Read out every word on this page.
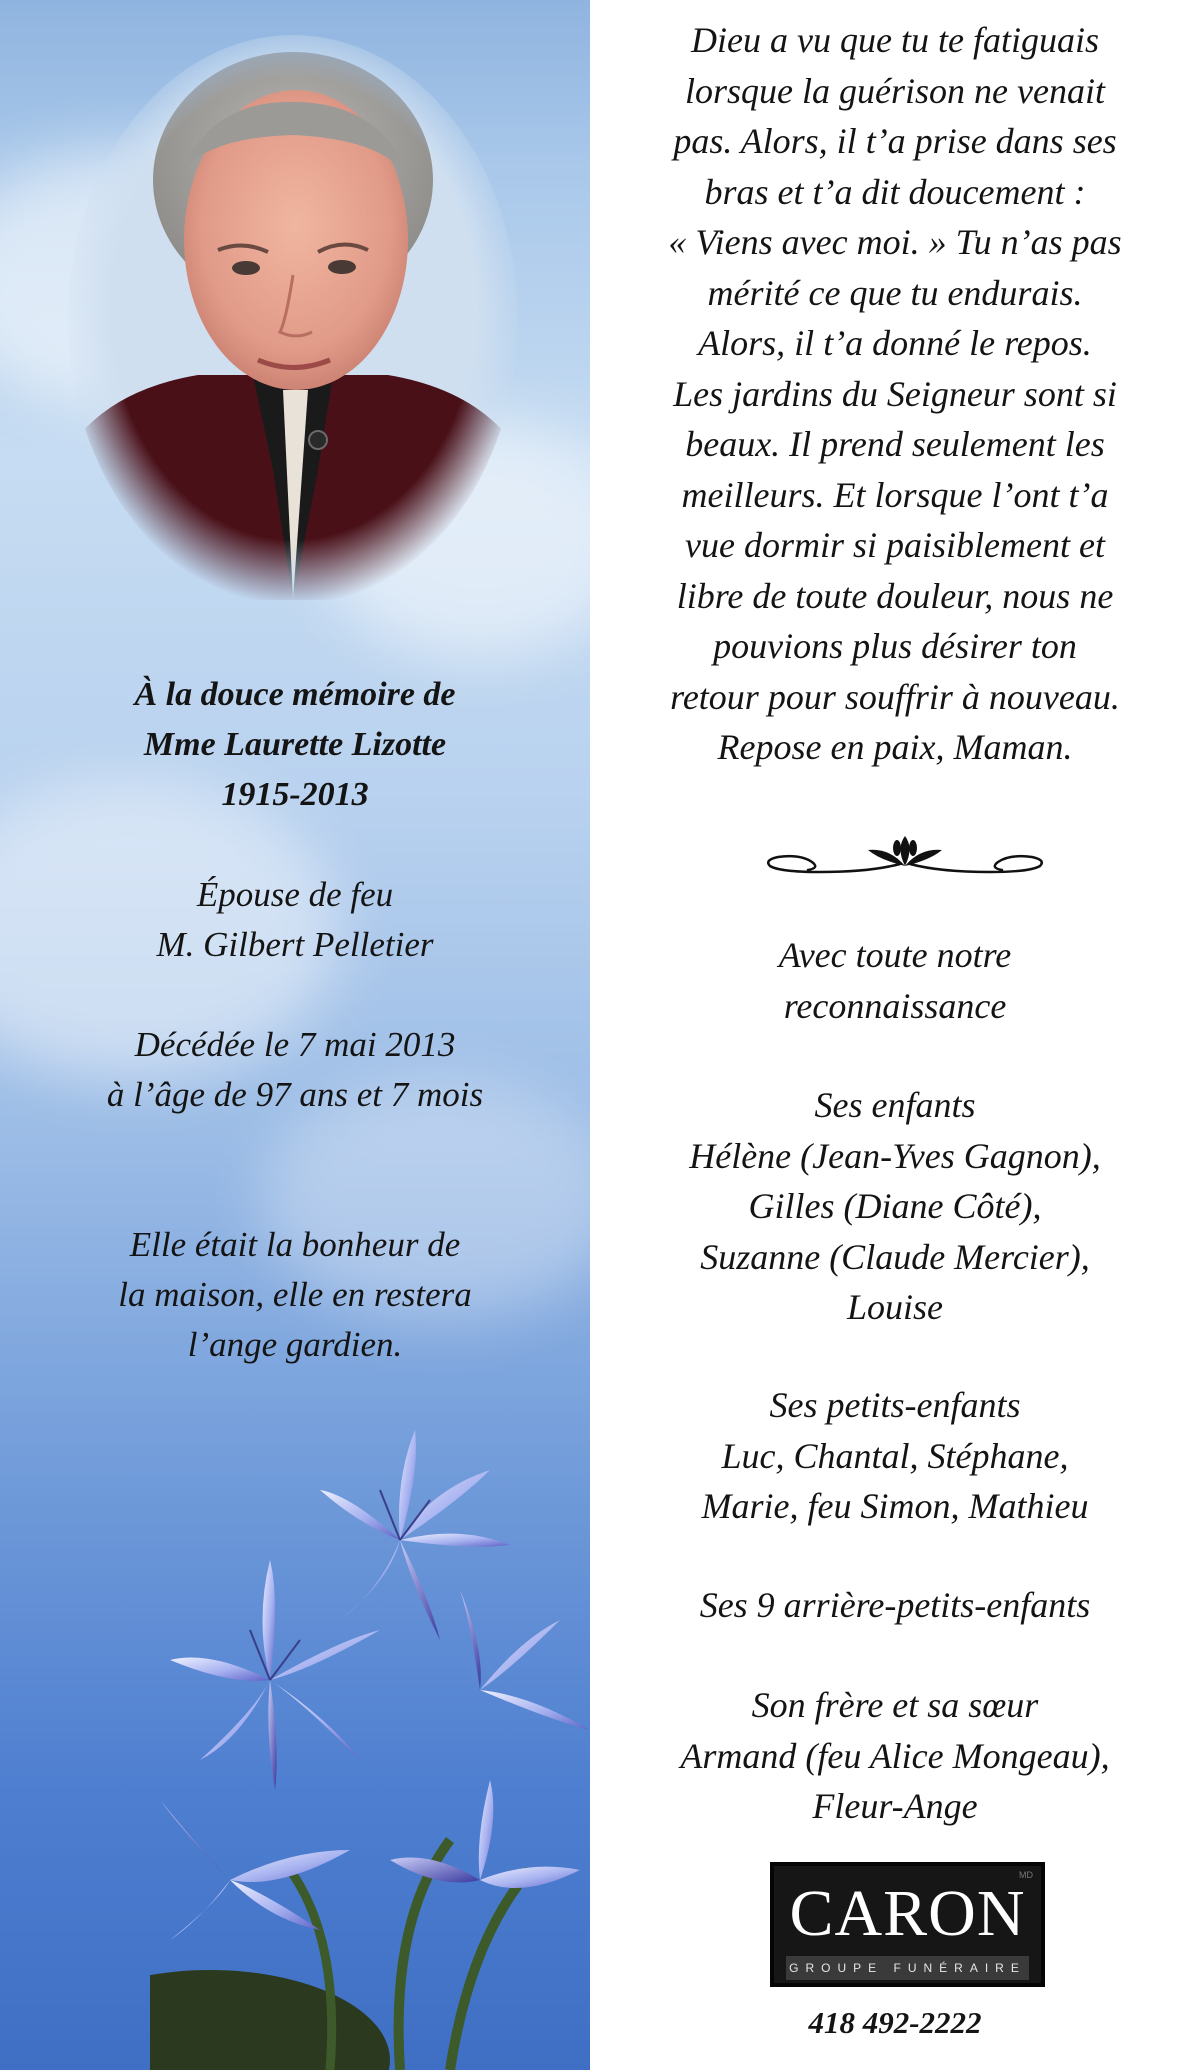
À la douce mémoire de
Mme Laurette Lizotte
1915-2013
Épouse de feu
M. Gilbert Pelletier
Décédée le 7 mai 2013
à l’âge de 97 ans et 7 mois
Elle était la bonheur de
la maison, elle en restera
l’ange gardien.
Dieu a vu que tu te fatiguais
lorsque la guérison ne venait
pas. Alors, il t’a prise dans ses
bras et t’a dit doucement :
« Viens avec moi. » Tu n’as pas
mérité ce que tu endurais.
Alors, il t’a donné le repos.
Les jardins du Seigneur sont si
beaux. Il prend seulement les
meilleurs. Et lorsque l’ont t’a
vue dormir si paisiblement et
libre de toute douleur, nous ne
pouvions plus désirer ton
retour pour souffrir à nouveau.
Repose en paix, Maman.
Avec toute notre
reconnaissance
Ses enfants
Hélène (Jean-Yves Gagnon),
Gilles (Diane Côté),
Suzanne (Claude Mercier),
Louise
Ses petits-enfants
Luc, Chantal, Stéphane,
Marie, feu Simon, Mathieu
Ses 9 arrière-petits-enfants
Son frère et sa sœur
Armand (feu Alice Mongeau),
Fleur-Ange
MD
CARON
GROUPE FUNÉRAIRE
418 492-2222
